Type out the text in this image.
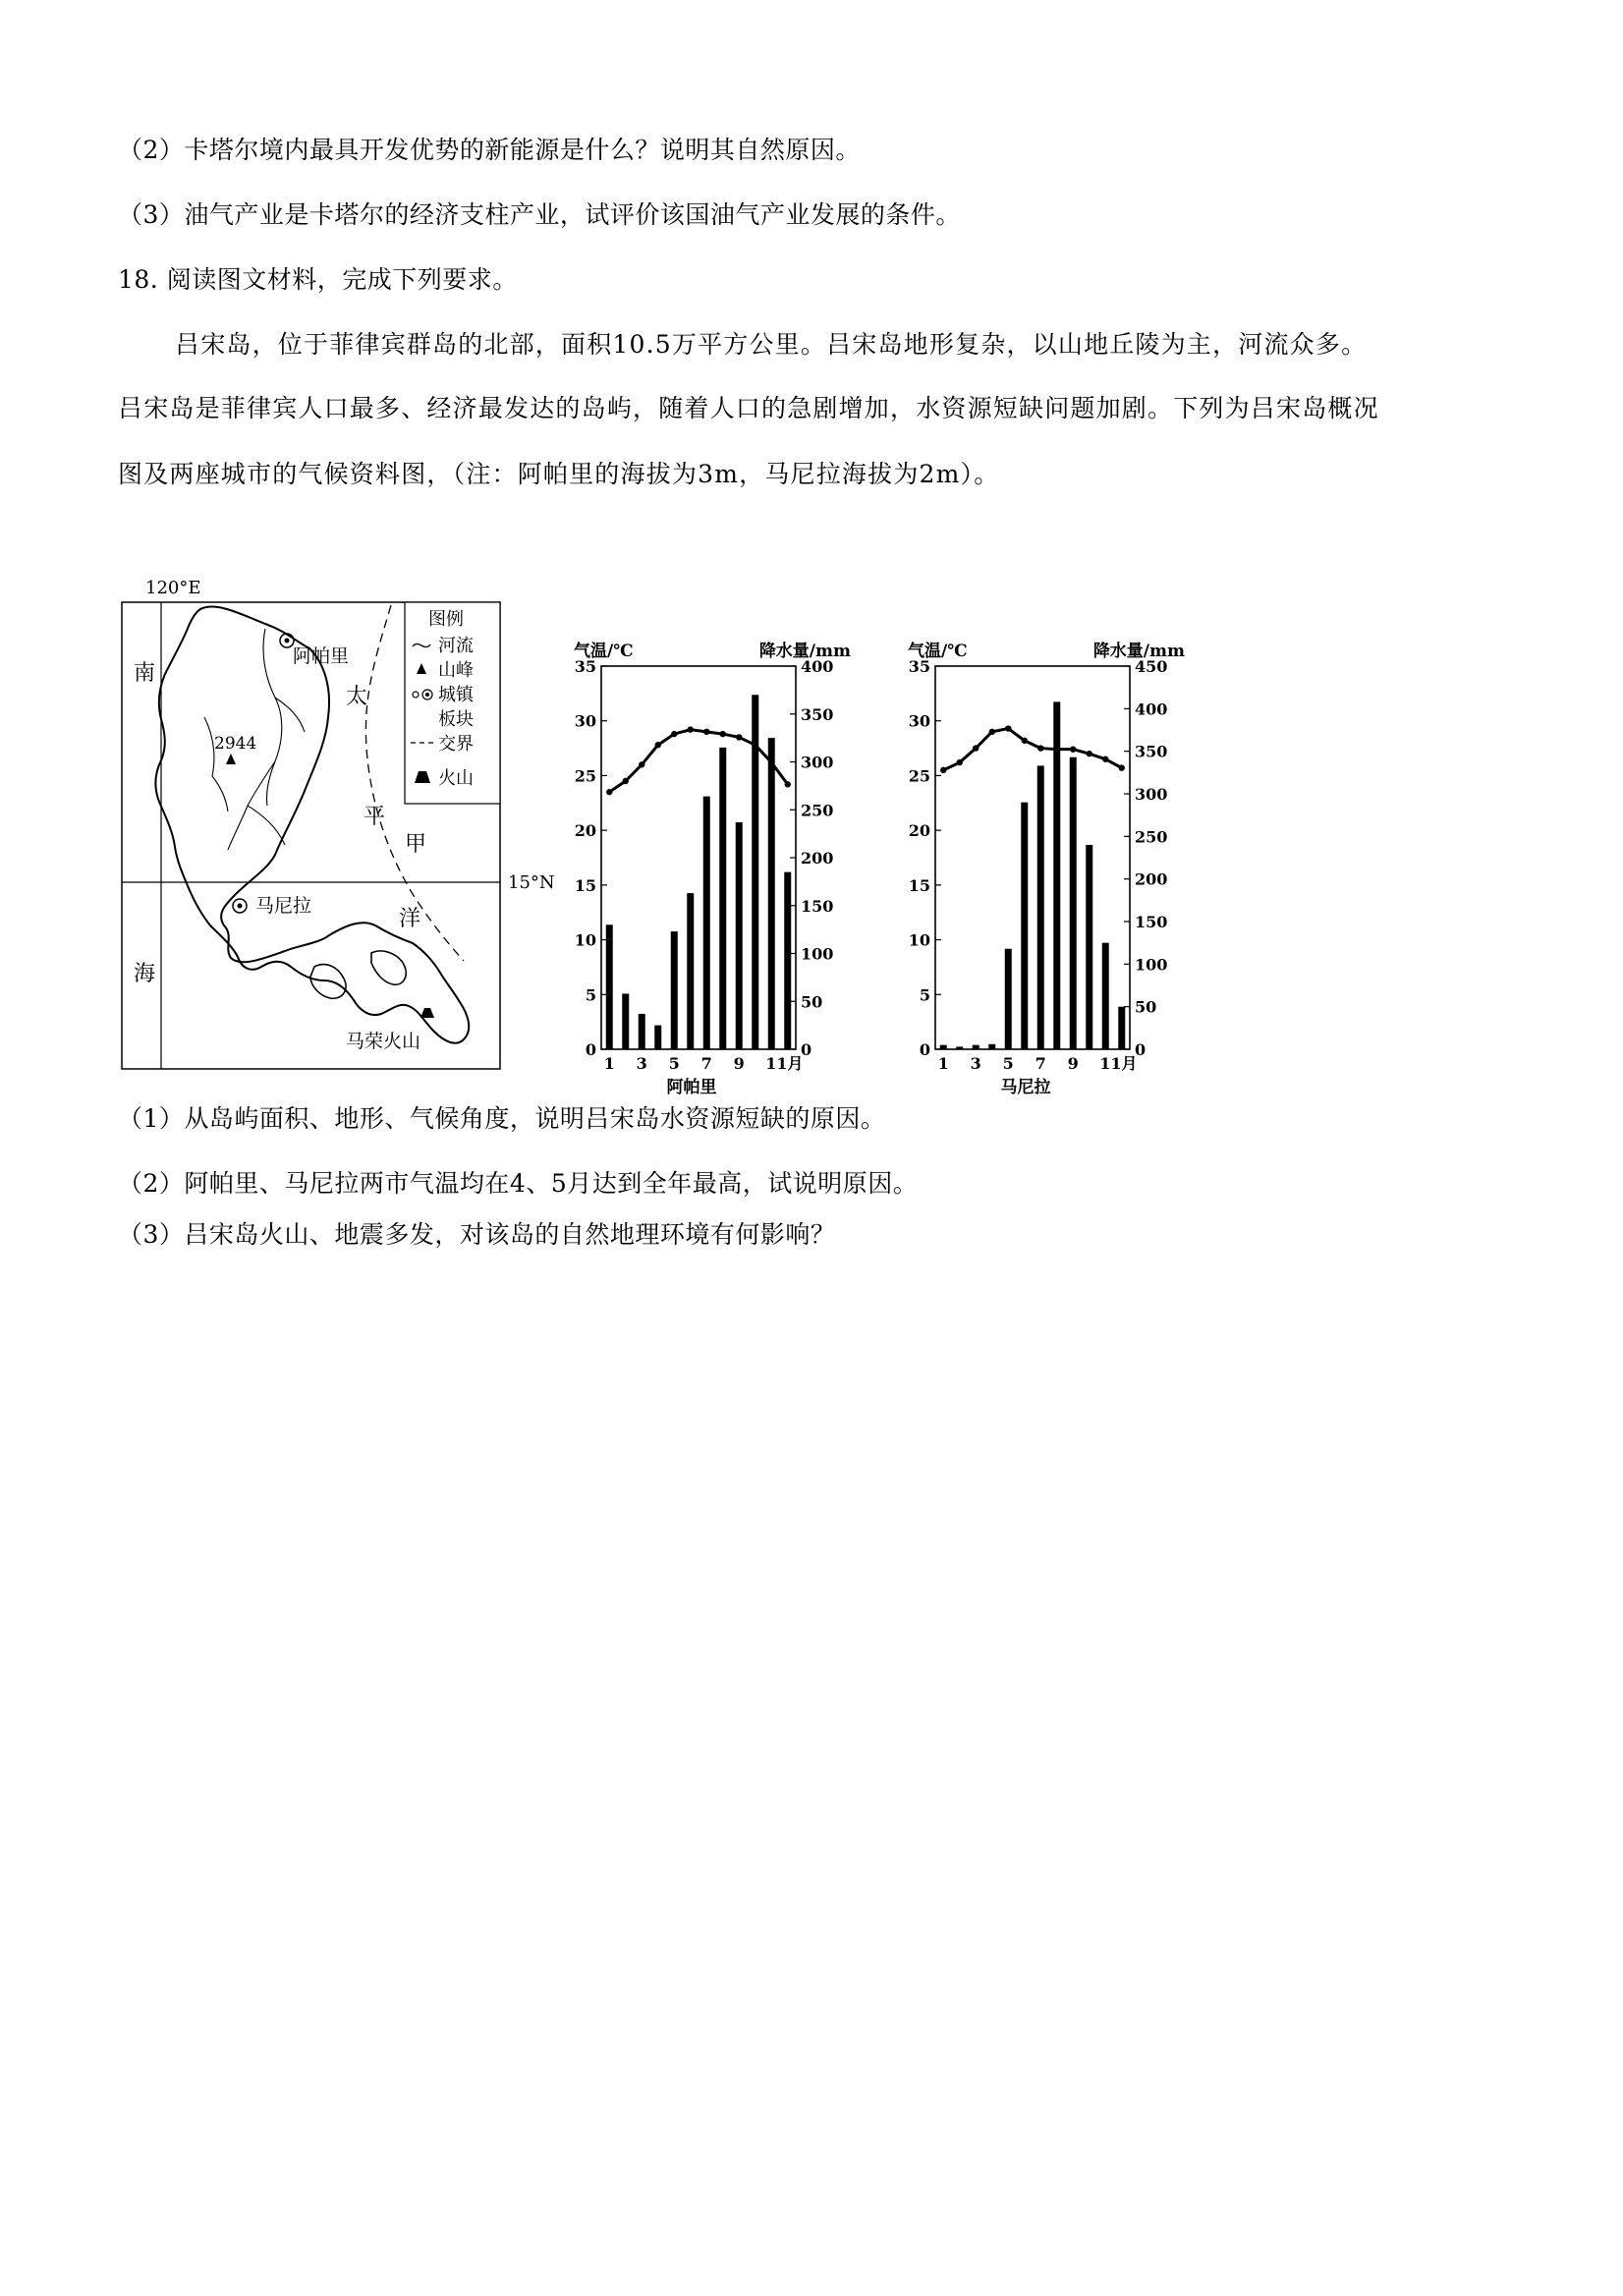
（2）卡塔尔境内最具开发优势的新能源是什么？说明其自然原因。
（3）油气产业是卡塔尔的经济支柱产业，试评价该国油气产业发展的条件。
18. 阅读图文材料，完成下列要求。
吕宋岛，位于菲律宾群岛的北部，面积10.5万平方公里。吕宋岛地形复杂，以山地丘陵为主，河流众多。
吕宋岛是菲律宾人口最多、经济最发达的岛屿，随着人口的急剧增加，水资源短缺问题加剧。下列为吕宋岛概况
图及两座城市的气候资料图，（注：阿帕里的海拔为3m，马尼拉海拔为2m）。
120°E
15°N
南
海
太
平
甲
洋
阿帕里
2944
马尼拉
马荣火山
图例
河流
山峰
城镇
板块
交界
火山
气温/℃	降水量/mm
阿帕里
0
5
10
15
20
25
30
35
0
50
100
150
200
250
300
350
400
1 3 5 7 9 11月
气温/℃	降水量/mm
马尼拉
0
5
10
15
20
25
30
35
0
50
100
150
200
250
300
350
400
450
1 3 5 7 9 11月
（1）从岛屿面积、地形、气候角度，说明吕宋岛水资源短缺的原因。
（2）阿帕里、马尼拉两市气温均在4、5月达到全年最高，试说明原因。
（3）吕宋岛火山、地震多发，对该岛的自然地理环境有何影响？
